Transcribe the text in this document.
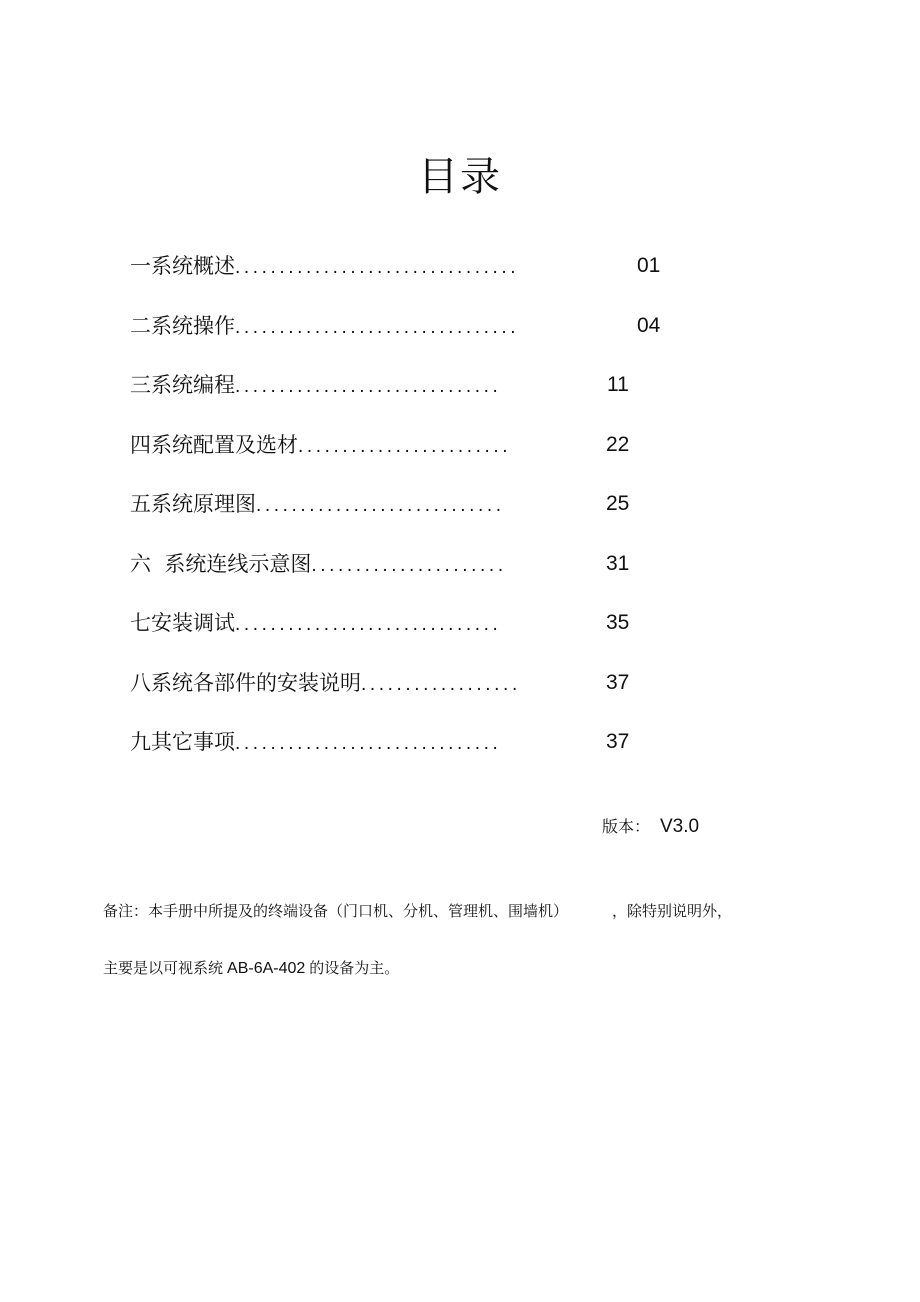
目录
一系统概述................................	01
二系统操作................................	04
三系统编程..............................	11
四系统配置及选材........................	22
五系统原理图............................	25
六  系统连线示意图......................	31
七安装调试..............................	35
八系统各部件的安装说明..................	37
九其它事项..............................	37
版本： V3.0
备注：本手册中所提及的终端设备（门口机、分机、管理机、围墙机）	，除特别说明外，
主要是以可视系统 AB-6A-402 的设备为主。
